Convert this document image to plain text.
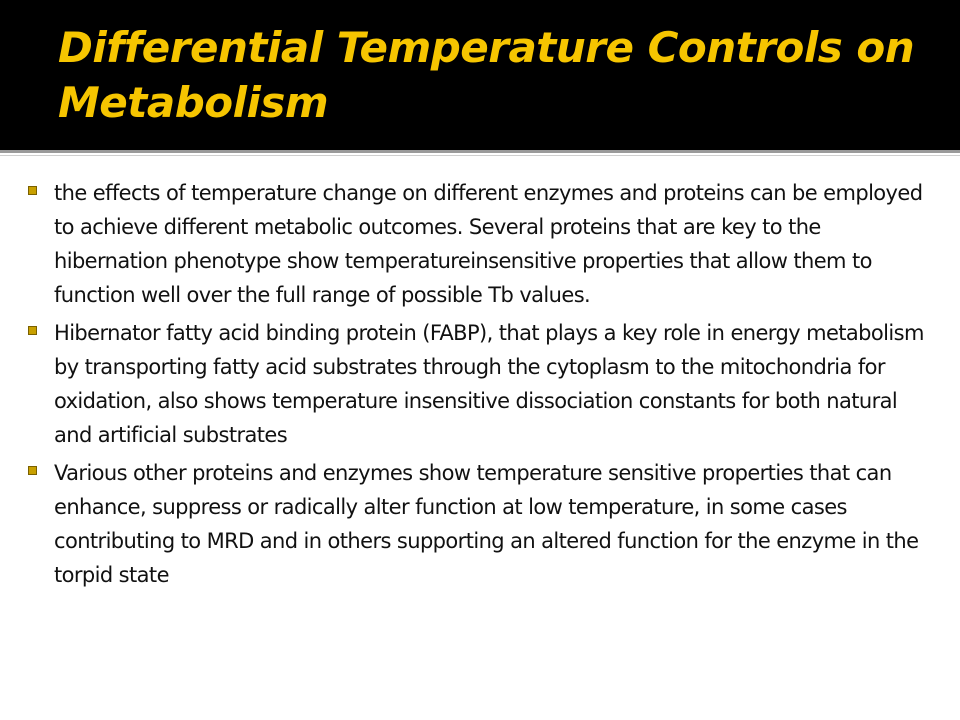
Differential Temperature Controls on Metabolism

the effects of temperature change on different enzymes and proteins can be employed to achieve different metabolic outcomes. Several proteins that are key to the hibernation phenotype show temperatureinsensitive properties that allow them to function well over the full range of possible Tb values.

Hibernator fatty acid binding protein (FABP), that plays a key role in energy metabolism by transporting fatty acid substrates through the cytoplasm to the mitochondria for oxidation, also shows temperature insensitive dissociation constants for both natural and artificial substrates

Various other proteins and enzymes show temperature sensitive properties that can enhance, suppress or radically alter function at low temperature, in some cases contributing to MRD and in others supporting an altered function for the enzyme in the torpid state
